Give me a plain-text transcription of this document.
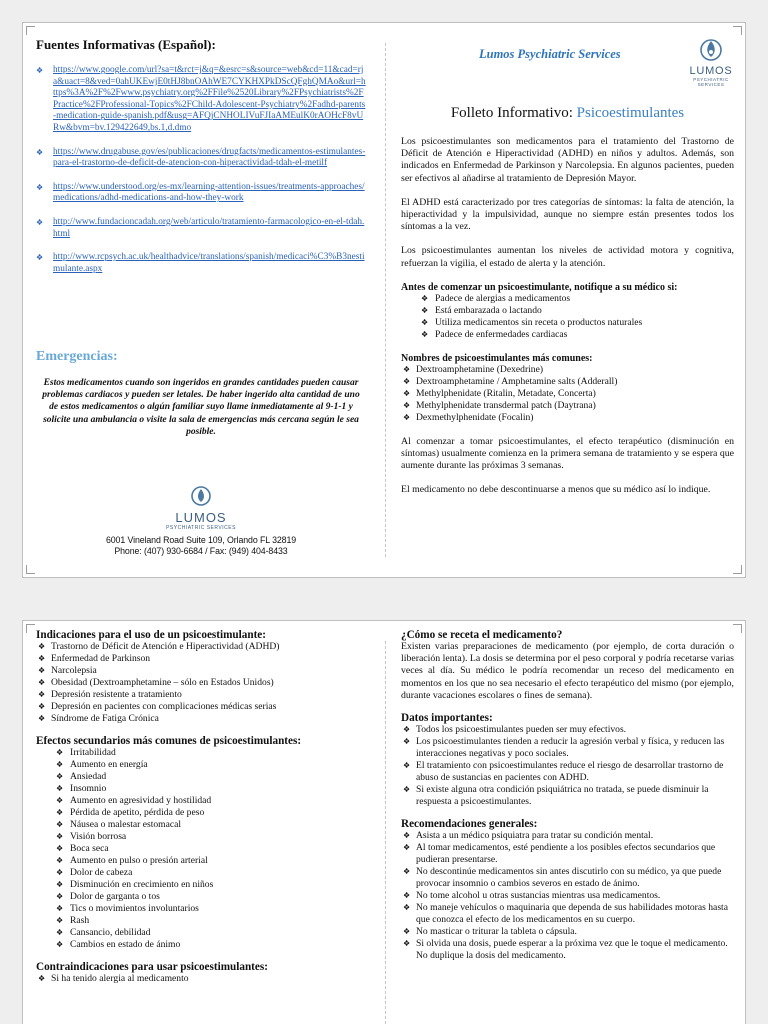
Fuentes Informativas (Español):
❖ https://www.google.com/url?sa=t&rct=j&q=&esrc=s&source=web&cd=11&cad=rja&uact=8&ved=0ahUKEwjE0tHJ8bnOAhWE7CYKHXPkDScQFghQMAo&url=https%3A%2F%2Fwww.psychiatry.org%2FFile%2520Library%2FPsychiatrists%2FPractice%2FProfessional-Topics%2FChild-Adolescent-Psychiatry%2Fadhd-parents-medication-guide-spanish.pdf&usg=AFQjCNHOLIVuFJIaAMEulK0rAOHcF8vURw&bvm=bv.129422649,bs.1,d.dmo
❖ https://www.drugabuse.gov/es/publicaciones/drugfacts/medicamentos-estimulantes-para-el-trastorno-de-deficit-de-atencion-con-hiperactividad-tdah-el-metilf
❖ https://www.understood.org/es-mx/learning-attention-issues/treatments-approaches/medications/adhd-medications-and-how-they-work
❖ http://www.fundacioncadah.org/web/articulo/tratamiento-farmacologico-en-el-tdah.html
❖ http://www.rcpsych.ac.uk/healthadvice/translations/spanish/medicaci%C3%B3nestimulante.aspx
Emergencias:
Estos medicamentos cuando son ingeridos en grandes cantidades pueden causar problemas cardiacos y pueden ser letales. De haber ingerido alta cantidad de uno de estos medicamentos o algún familiar suyo llame inmediatamente al 9-1-1 y solicite una ambulancia o visite la sala de emergencias más cercana según le sea posible.
LUMOS
PSYCHIATRIC SERVICES
6001 Vineland Road Suite 109, Orlando FL 32819
Phone: (407) 930-6684 / Fax: (949) 404-8433
Lumos Psychiatric Services
LUMOS
PSYCHIATRIC SERVICES
Folleto Informativo: Psicoestimulantes

Los psicoestimulantes son medicamentos para el tratamiento del Trastorno de Déficit de Atención e Hiperactividad (ADHD) en niños y adultos. Además, son indicados en Enfermedad de Parkinson y Narcolepsia. En algunos pacientes, pueden ser efectivos al añadirse al tratamiento de Depresión Mayor.

El ADHD está caracterizado por tres categorías de síntomas: la falta de atención, la hiperactividad y la impulsividad, aunque no siempre están presentes todos los síntomas a la vez.

Los psicoestimulantes aumentan los niveles de actividad motora y cognitiva, refuerzan la vigilia, el estado de alerta y la atención.

Antes de comenzar un psicoestimulante, notifique a su médico si:
❖ Padece de alergias a medicamentos
❖ Está embarazada o lactando
❖ Utiliza medicamentos sin receta o productos naturales
❖ Padece de enfermedades cardiacas
Nombres de psicoestimulantes más comunes:
❖ Dextroamphetamine (Dexedrine)
❖ Dextroamphetamine / Amphetamine salts (Adderall)
❖ Methylphenidate (Ritalin, Metadate, Concerta)
❖ Methylphenidate transdermal patch (Daytrana)
❖ Dexmethylphenidate (Focalin)

Al comenzar a tomar psicoestimulantes, el efecto terapéutico (disminución en síntomas) usualmente comienza en la primera semana de tratamiento y se espera que aumente durante las próximas 3 semanas.

El medicamento no debe descontinuarse a menos que su médico así lo indique.

Indicaciones para el uso de un psicoestimulante:
❖ Trastorno de Déficit de Atención e Hiperactividad (ADHD)
❖ Enfermedad de Parkinson
❖ Narcolepsia
❖ Obesidad (Dextroamphetamine – sólo en Estados Unidos)
❖ Depresión resistente a tratamiento
❖ Depresión en pacientes con complicaciones médicas serias
❖ Síndrome de Fatiga Crónica
Efectos secundarios más comunes de psicoestimulantes:
❖ Irritabilidad
❖ Aumento en energía
❖ Ansiedad
❖ Insomnio
❖ Aumento en agresividad y hostilidad
❖ Pérdida de apetito, pérdida de peso
❖ Náusea o malestar estomacal
❖ Visión borrosa
❖ Boca seca
❖ Aumento en pulso o presión arterial
❖ Dolor de cabeza
❖ Disminución en crecimiento en niños
❖ Dolor de garganta o tos
❖ Tics o movimientos involuntarios
❖ Rash
❖ Cansancio, debilidad
❖ Cambios en estado de ánimo
Contraindicaciones para usar psicoestimulantes:
❖ Si ha tenido alergia al medicamento
¿Cómo se receta el medicamento?

Existen varias preparaciones de medicamento (por ejemplo, de corta duración o liberación lenta). La dosis se determina por el peso corporal y podría recetarse varias veces al día. Su médico le podría recomendar un receso del medicamento en momentos en los que no sea necesario el efecto terapéutico del mismo (por ejemplo, durante vacaciones escolares o fines de semana).

Datos importantes:
❖ Todos los psicoestimulantes pueden ser muy efectivos.
❖ Los psicoestimulantes tienden a reducir la agresión verbal y física, y reducen las interacciones negativas y poco sociales.
❖ El tratamiento con psicoestimulantes reduce el riesgo de desarrollar trastorno de abuso de sustancias en pacientes con ADHD.
❖ Si existe alguna otra condición psiquiátrica no tratada, se puede disminuir la respuesta a psicoestimulantes.
Recomendaciones generales:
❖ Asista a un médico psiquiatra para tratar su condición mental.
❖ Al tomar medicamentos, esté pendiente a los posibles efectos secundarios que pudieran presentarse.
❖ No descontinúe medicamentos sin antes discutirlo con su médico, ya que puede provocar insomnio o cambios severos en estado de ánimo.
❖ No tome alcohol u otras sustancias mientras usa medicamentos.
❖ No maneje vehículos o maquinaria que dependa de sus habilidades motoras hasta que conozca el efecto de los medicamentos en su cuerpo.
❖ No masticar o triturar la tableta o cápsula.
❖ Si olvida una dosis, puede esperar a la próxima vez que le toque el medicamento. No duplique la dosis del medicamento.
